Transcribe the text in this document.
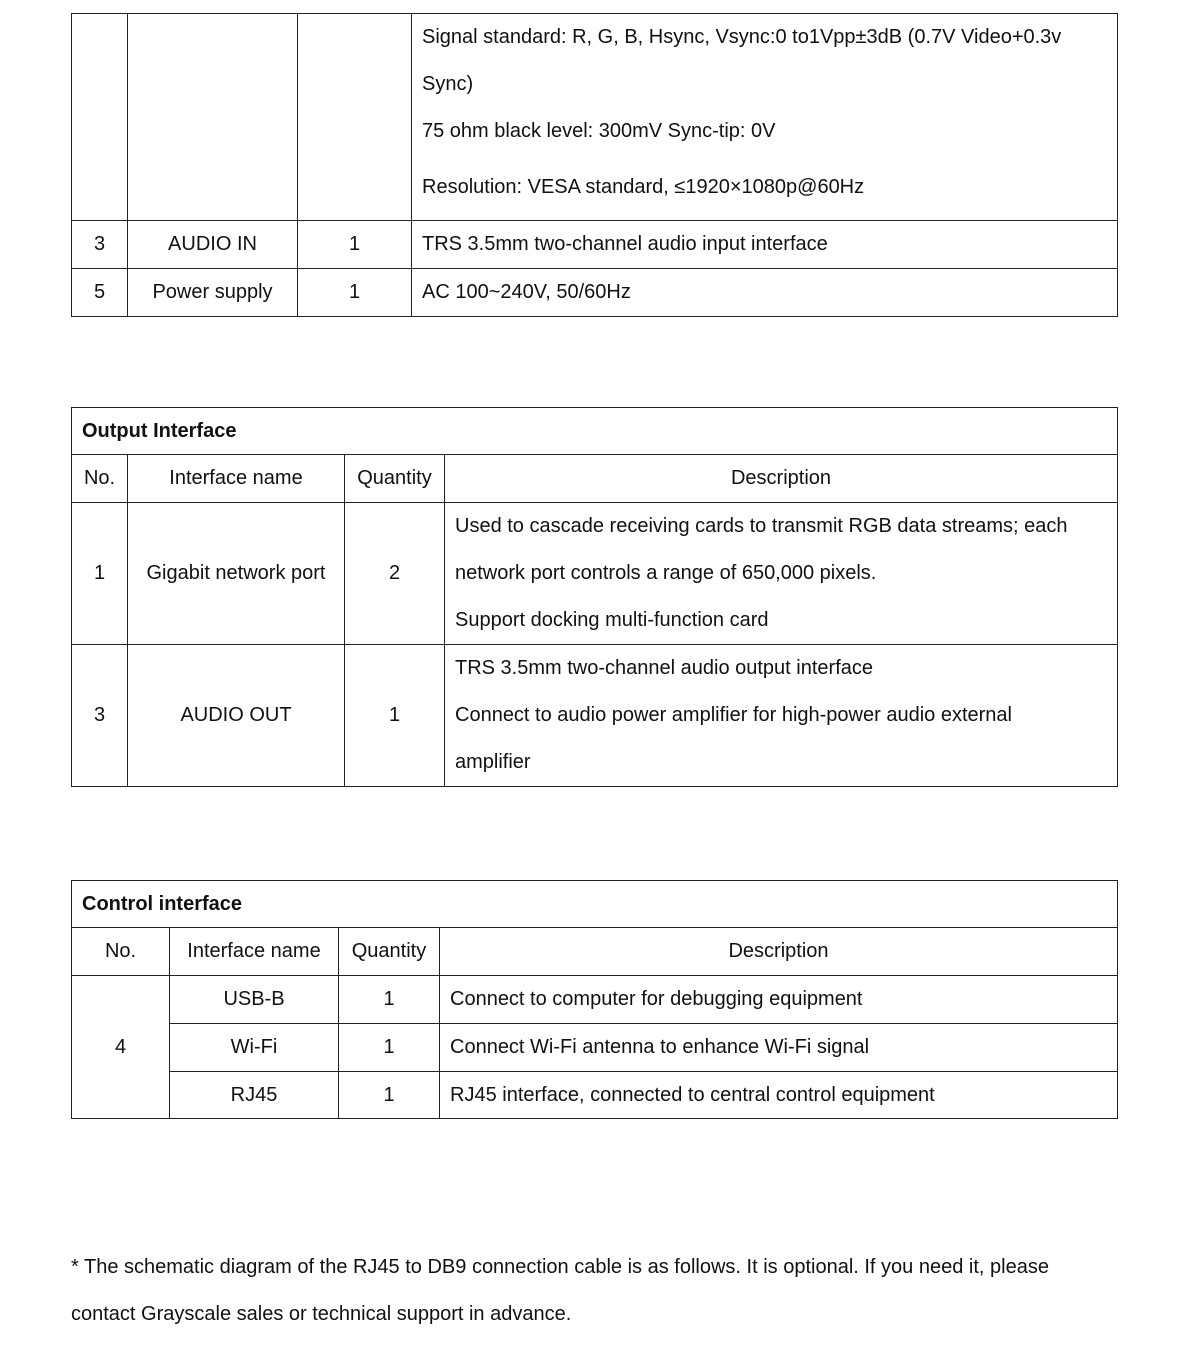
			Signal standard: R, G, B, Hsync, Vsync:0 to1Vpp±3dB (0.7V Video+0.3v
Sync)
75 ohm black level: 300mV Sync-tip: 0V
Resolution: VESA standard, ≤1920×1080p@60Hz

3	AUDIO IN	1	TRS 3.5mm two-channel audio input interface
5	Power supply	1	AC 100~240V, 50/60Hz
Output Interface			
No.	Interface name	Quantity	Description
1	Gigabit network port	2	Used to cascade receiving cards to transmit RGB data streams; each
network port controls a range of 650,000 pixels.
Support docking multi-function card

3	AUDIO OUT	1	TRS 3.5mm two-channel audio output interface
Connect to audio power amplifier for high-power audio external
amplifier
Control interface			
No.	Interface name	Quantity	Description
4	USB-B	1	Connect to computer for debugging equipment
	Wi-Fi	1	Connect Wi-Fi antenna to enhance Wi-Fi signal
	RJ45	1	RJ45 interface, connected to central control equipment
* The schematic diagram of the RJ45 to DB9 connection cable is as follows. It is optional. If you need it, please
contact Grayscale sales or technical support in advance.
